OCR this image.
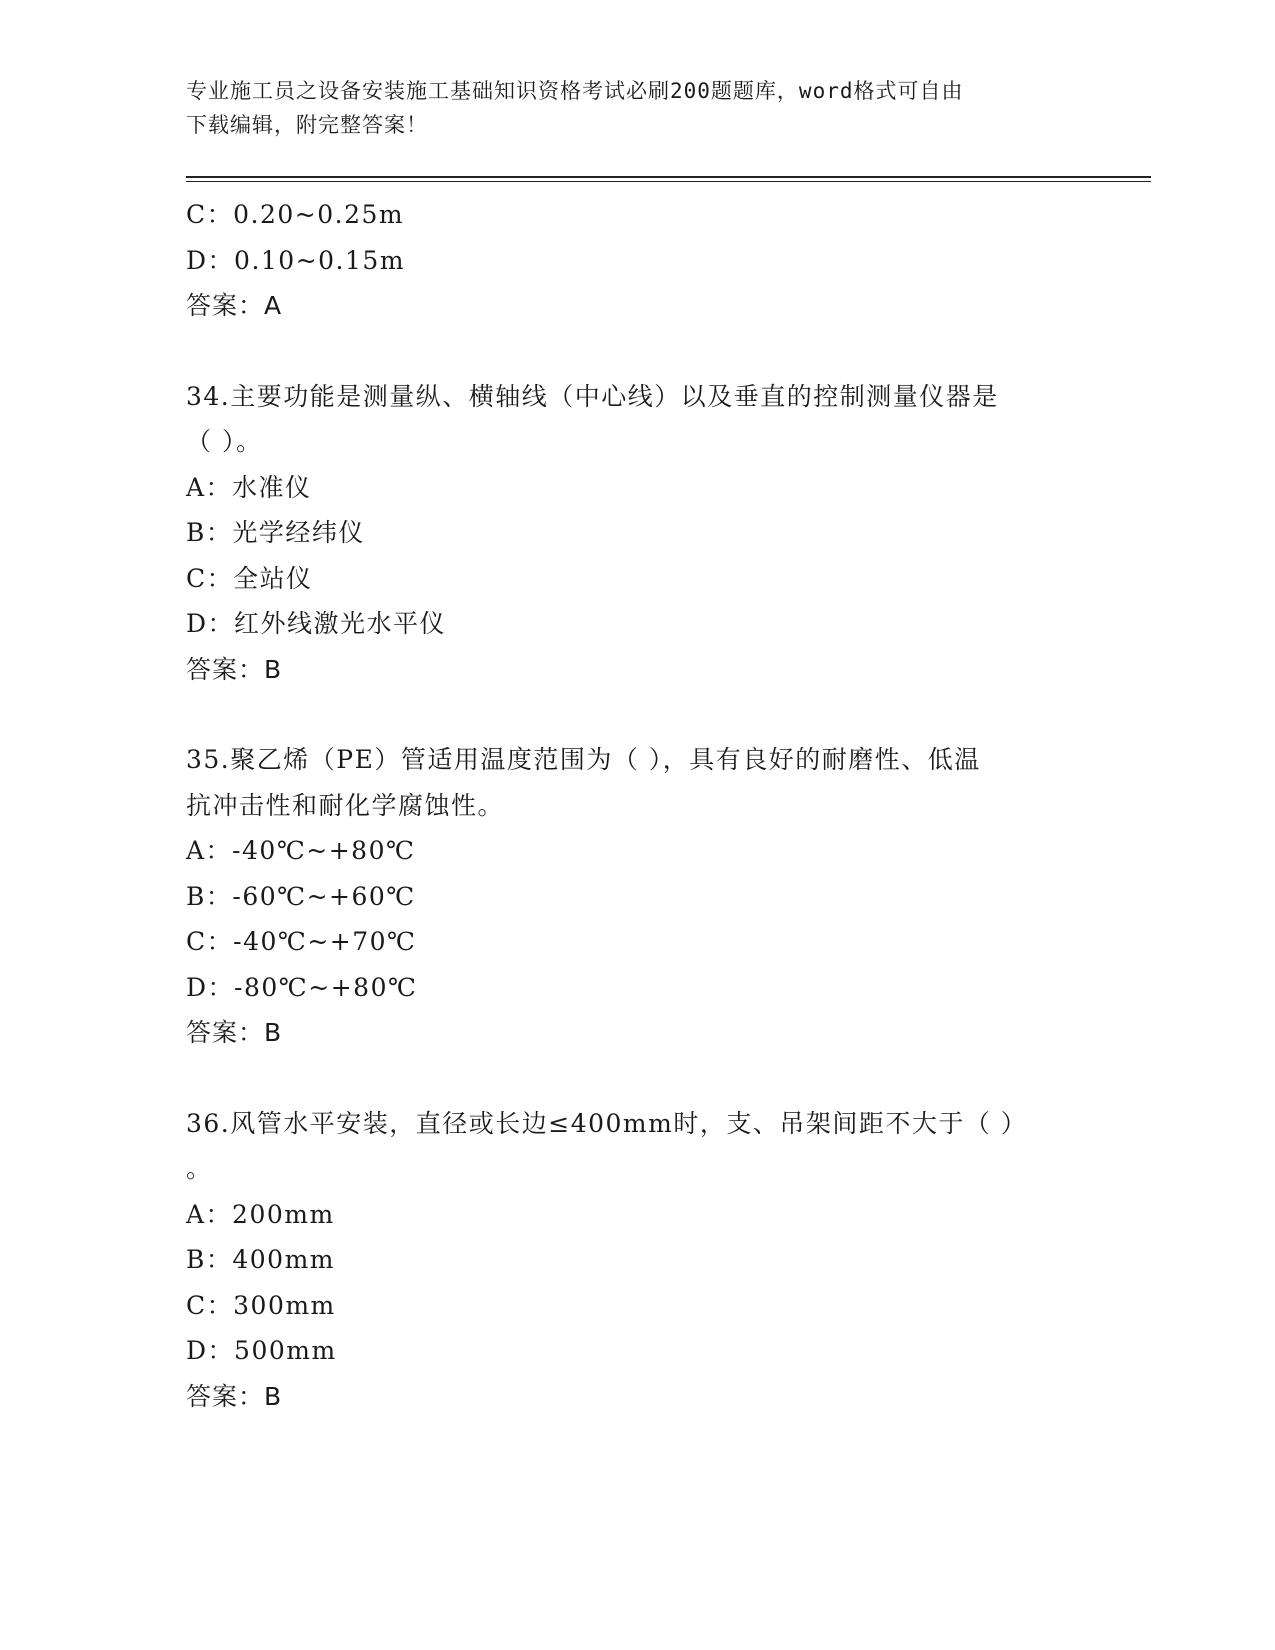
专业施工员之设备安装施工基础知识资格考试必刷200题题库，word格式可自由
下载编辑，附完整答案！
C：0.20~0.25m
D：0.10~0.15m
答案：A
34.主要功能是测量纵、横轴线（中心线）以及垂直的控制测量仪器是
（ ）。
A：水准仪
B：光学经纬仪
C：全站仪
D：红外线激光水平仪
答案：B
35.聚乙烯（PE）管适用温度范围为（ ），具有良好的耐磨性、低温
抗冲击性和耐化学腐蚀性。
A：-40℃~+80℃
B：-60℃~+60℃
C：-40℃~+70℃
D：-80℃~+80℃
答案：B
36.风管水平安装，直径或长边≤400mm时，支、吊架间距不大于（ ）
。
A：200mm
B：400mm
C：300mm
D：500mm
答案：B
